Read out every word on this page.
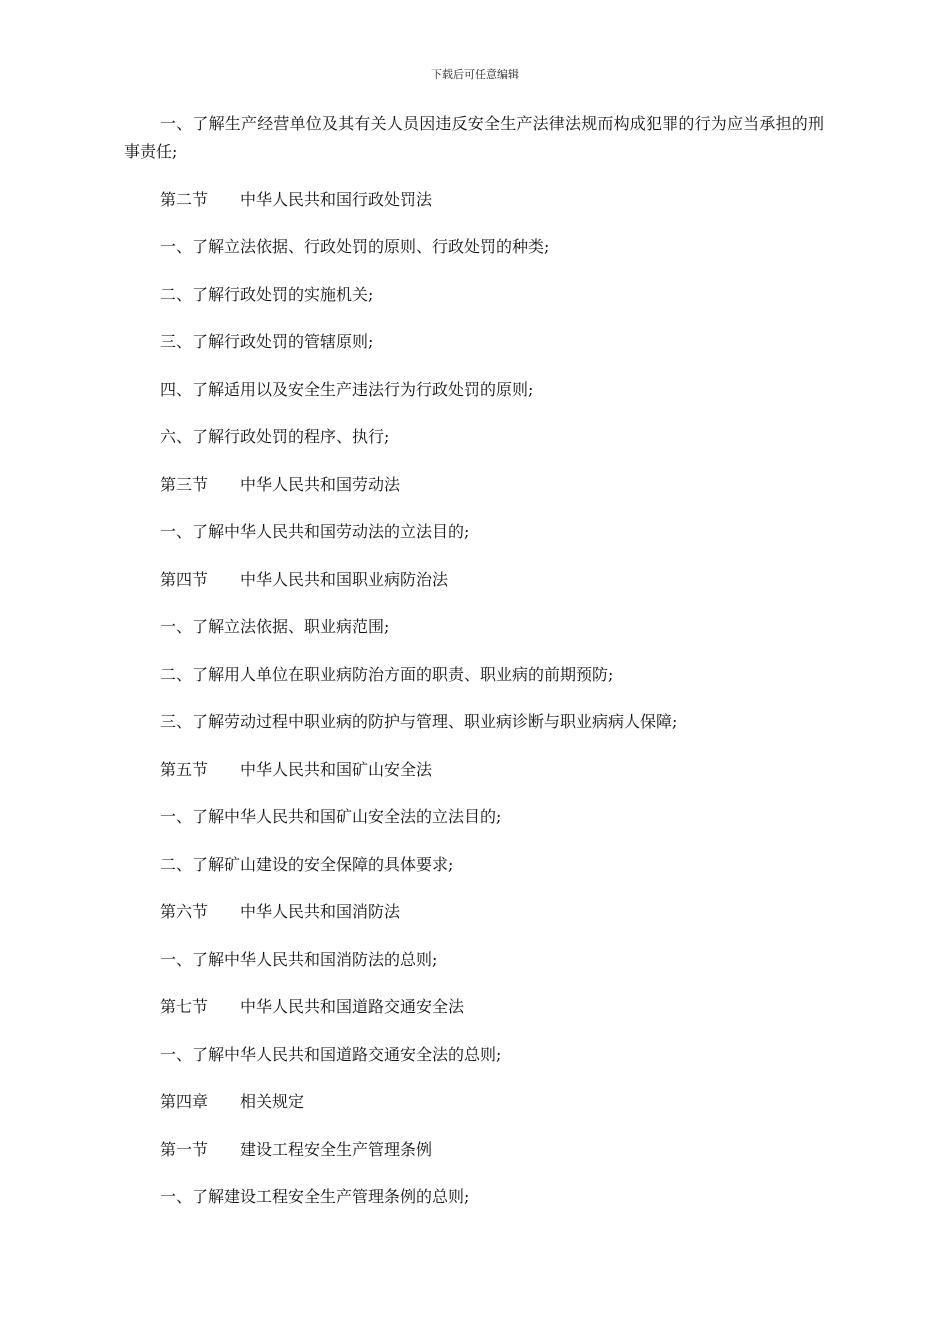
下载后可任意编辑

一、了解生产经营单位及其有关人员因违反安全生产法律法规而构成犯罪的行为应当承担的刑事责任;

第二节 中华人民共和国行政处罚法

一、了解立法依据、行政处罚的原则、行政处罚的种类;

二、了解行政处罚的实施机关;

三、了解行政处罚的管辖原则;

四、了解适用以及安全生产违法行为行政处罚的原则;

六、了解行政处罚的程序、执行;

第三节 中华人民共和国劳动法

一、了解中华人民共和国劳动法的立法目的;

第四节 中华人民共和国职业病防治法

一、了解立法依据、职业病范围;

二、了解用人单位在职业病防治方面的职责、职业病的前期预防;

三、了解劳动过程中职业病的防护与管理、职业病诊断与职业病病人保障;

第五节 中华人民共和国矿山安全法

一、了解中华人民共和国矿山安全法的立法目的;

二、了解矿山建设的安全保障的具体要求;

第六节 中华人民共和国消防法

一、了解中华人民共和国消防法的总则;

第七节 中华人民共和国道路交通安全法

一、了解中华人民共和国道路交通安全法的总则;

第四章 相关规定

第一节 建设工程安全生产管理条例

一、了解建设工程安全生产管理条例的总则;
